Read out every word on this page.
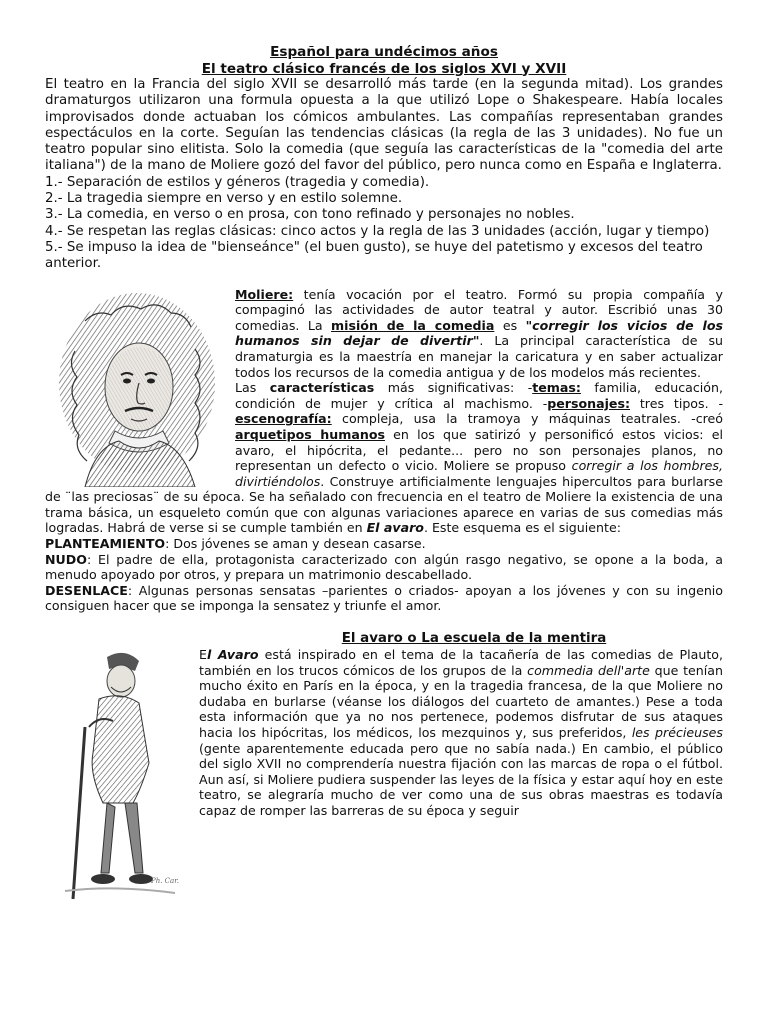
Español para undécimos años

El teatro clásico francés de los siglos XVI y XVII

El teatro en la Francia del siglo XVII se desarrolló más tarde (en la segunda mitad). Los grandes dramaturgos utilizaron una formula opuesta a la que utilizó Lope o Shakespeare. Había locales improvisados donde actuaban los cómicos ambulantes. Las compañías representaban grandes espectáculos en la corte. Seguían las tendencias clásicas (la regla de las 3 unidades). No fue un teatro popular sino elitista. Solo la comedia (que seguía las características de la "comedia del arte italiana") de la mano de Moliere gozó del favor del público, pero nunca como en España e Inglaterra.

1.- Separación de estilos y géneros (tragedia y comedia).

2.- La tragedia siempre en verso y en estilo solemne.

3.- La comedia, en verso o en prosa, con tono refinado y personajes no nobles.

4.- Se respetan las reglas clásicas: cinco actos y la regla de las 3 unidades (acción, lugar y tiempo)

5.- Se impuso la idea de "bienseánce" (el buen gusto), se huye del patetismo y excesos del teatro anterior.

Moliere: tenía vocación por el teatro. Formó su propia compañía y compaginó las actividades de autor teatral y autor. Escribió unas 30 comedias. La misión de la comedia es "corregir los vicios de los humanos sin dejar de divertir". La principal característica de su dramaturgia es la maestría en manejar la caricatura y en saber actualizar todos los recursos de la comedia antigua y de los modelos más recientes.
Las características más significativas: -temas: familia, educación, condición de mujer y crítica al machismo. -personajes: tres tipos. -escenografía: compleja, usa la tramoya y máquinas teatrales. -creó arquetipos humanos en los que satirizó y personificó estos vicios: el avaro, el hipócrita, el pedante... pero no son personajes planos, no representan un defecto o vicio. Moliere se propuso corregir a los hombres, divirtiéndolos. Construye artificialmente lenguajes hipercultos para burlarse de ¨las preciosas¨ de su época. Se ha señalado con frecuencia en el teatro de Moliere la existencia de una trama básica, un esqueleto común que con algunas variaciones aparece en varias de sus comedias más logradas. Habrá de verse si se cumple también en El avaro. Este esquema es el siguiente:

PLANTEAMIENTO: Dos jóvenes se aman y desean casarse.

NUDO: El padre de ella, protagonista caracterizado con algún rasgo negativo, se opone a la boda, a menudo apoyado por otros, y prepara un matrimonio descabellado.

DESENLACE: Algunas personas sensatas –parientes o criados- apoyan a los jóvenes y con su ingenio consiguen hacer que se imponga la sensatez y triunfe el amor.

El avaro o La escuela de la mentira

Ph. Car.
El Avaro está inspirado en el tema de la tacañería de las comedias de Plauto, también en los trucos cómicos de los grupos de la commedia dell'arte que tenían mucho éxito en París en la época, y en la tragedia francesa, de la que Moliere no dudaba en burlarse (véanse los diálogos del cuarteto de amantes.) Pese a toda esta información que ya no nos pertenece, podemos disfrutar de sus ataques hacia los hipócritas, los médicos, los mezquinos y, sus preferidos, les précieuses (gente aparentemente educada pero que no sabía nada.) En cambio, el público del siglo XVII no comprendería nuestra fijación con las marcas de ropa o el fútbol. Aun así, si Moliere pudiera suspender las leyes de la física y estar aquí hoy en este teatro, se alegraría mucho de ver como una de sus obras maestras es todavía capaz de romper las barreras de su época y seguir
